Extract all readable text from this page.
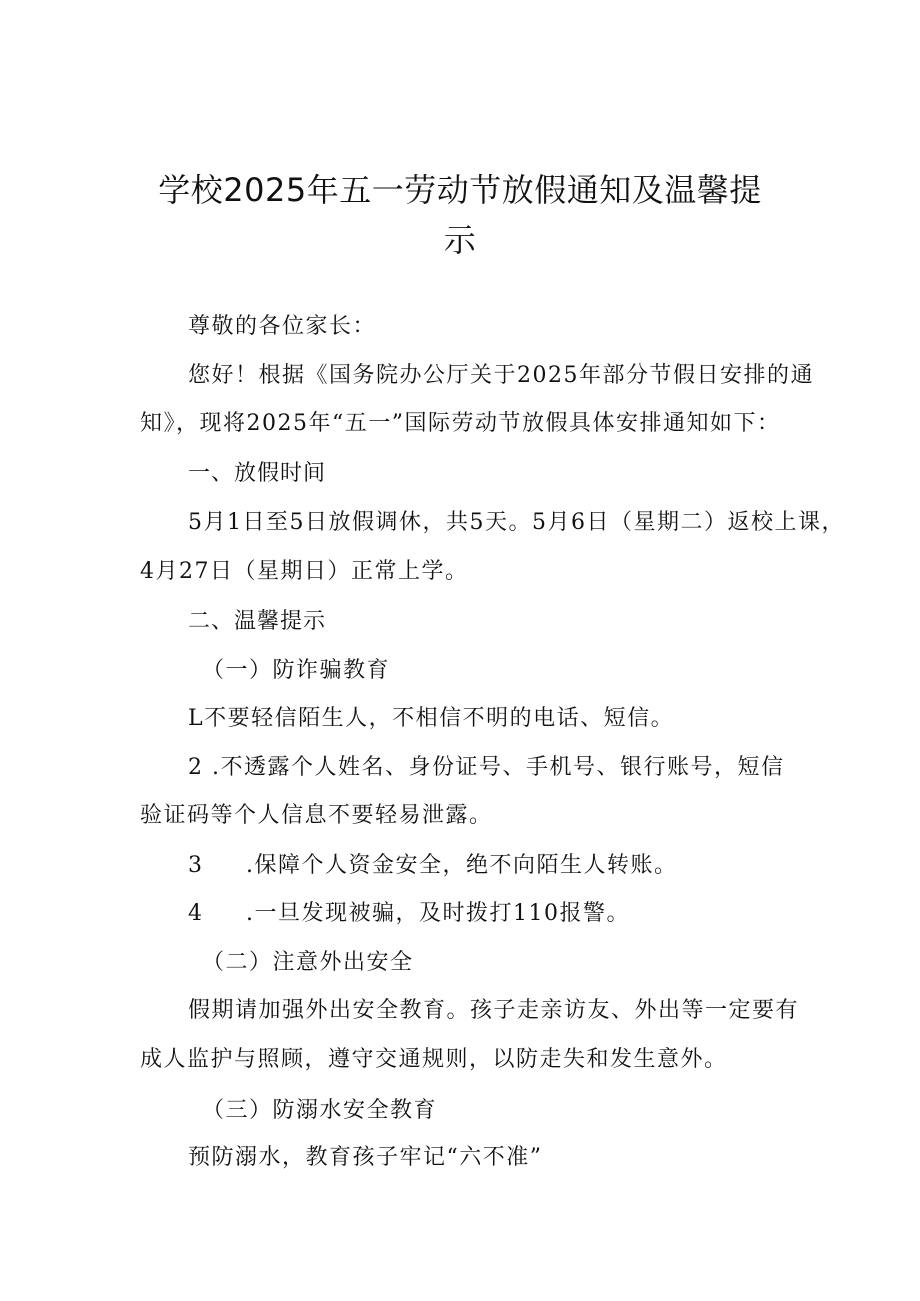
学校2025年五一劳动节放假通知及温馨提
示
尊敬的各位家长：
您好！根据《国务院办公厅关于2025年部分节假日安排的通
知》，现将2025年“五一”国际劳动节放假具体安排通知如下：
一、放假时间
5月1日至5日放假调休，共5天。5月6日（星期二）返校上课，
4月27日（星期日）正常上学。
二、温馨提示
（一）防诈骗教育
L不要轻信陌生人，不相信不明的电话、短信。
2 .不透露个人姓名、身份证号、手机号、银行账号，短信
验证码等个人信息不要轻易泄露。
3 .保障个人资金安全，绝不向陌生人转账。
4 .一旦发现被骗，及时拨打110报警。
（二）注意外出安全
假期请加强外出安全教育。孩子走亲访友、外出等一定要有
成人监护与照顾，遵守交通规则，以防走失和发生意外。
（三）防溺水安全教育
预防溺水，教育孩子牢记“六不准”
